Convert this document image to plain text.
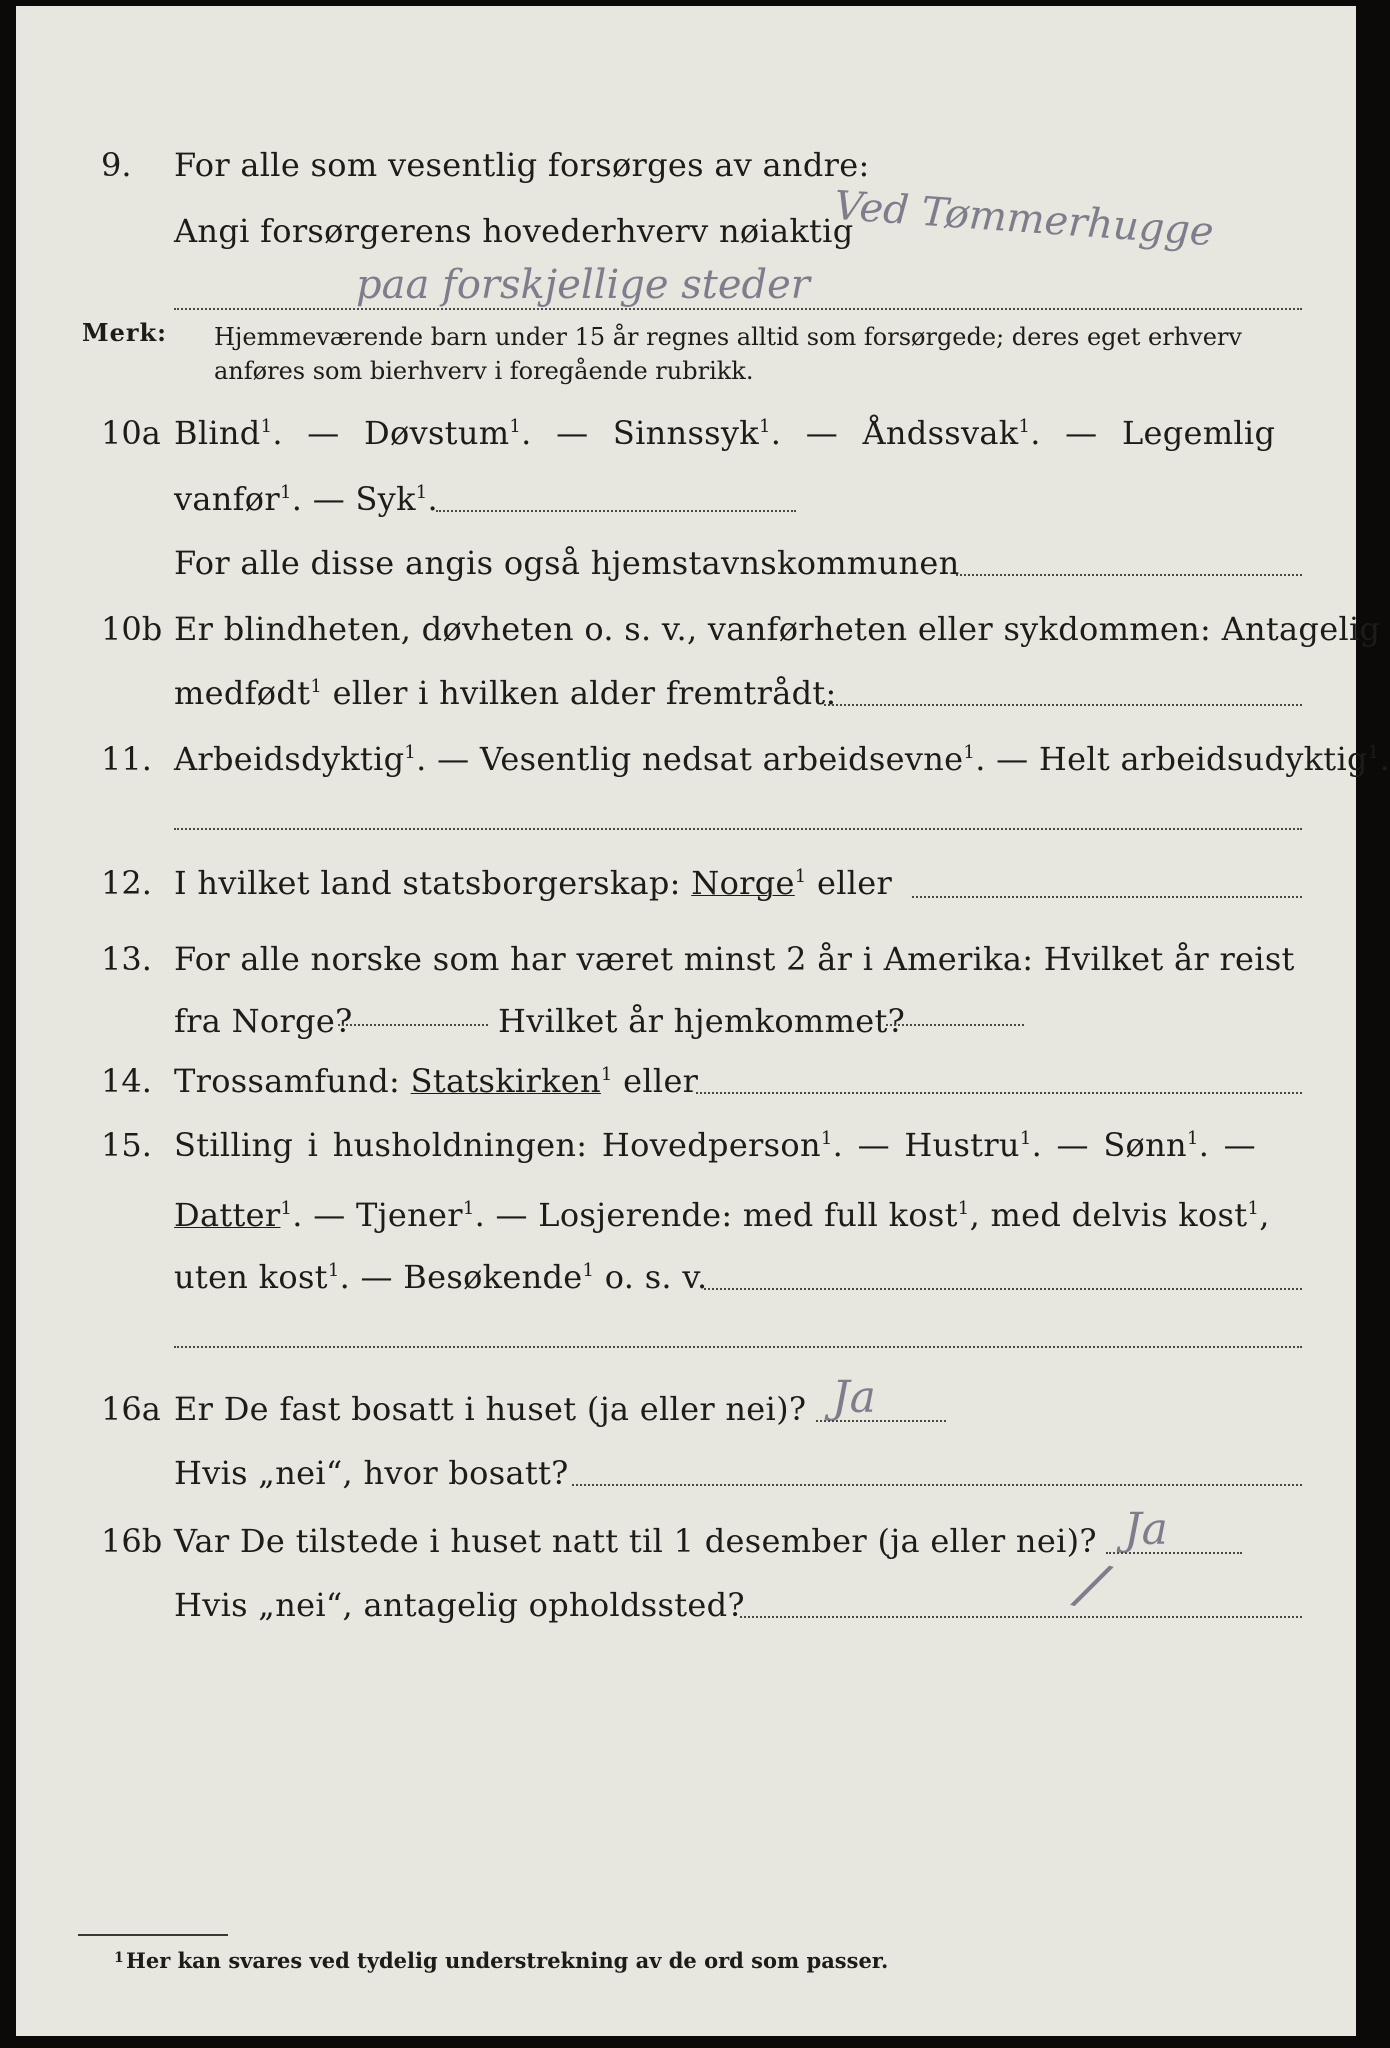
9. For alle som vesentlig forsørges av andre:
Angi forsørgerens hovederhverv nøiaktig
Ved Tømmerhugge
paa forskjellige steder
Merk: Hjemmeværende barn under 15 år regnes alltid som forsørgede; deres eget erhverv
anføres som bierhverv i foregående rubrikk.
10a Blind$^1$. — Døvstum$^1$. — Sinnssyk$^1$. — Åndssvak$^1$. — Legemlig
vanfør$^1$. — Syk$^1$.
For alle disse angis også hjemstavnskommunen
10b Er blindheten, døvheten o. s. v., vanførheten eller sykdommen: Antagelig
medfødt$^1$ eller i hvilken alder fremtrådt:
11. Arbeidsdyktig$^1$. — Vesentlig nedsat arbeidsevne$^1$. — Helt arbeidsudyktig$^1$.
12. I hvilket land statsborgerskap: Norge$^1$ eller
13. For alle norske som har været minst 2 år i Amerika: Hvilket år reist
fra Norge?	Hvilket år hjemkommet?
14. Trossamfund: Statskirken$^1$ eller
15. Stilling i husholdningen: Hovedperson$^1$. — Hustru$^1$. — Sønn$^1$. —
Datter$^1$. — Tjener$^1$. — Losjerende: med full kost$^1$, med delvis kost$^1$,
uten kost$^1$. — Besøkende$^1$ o. s. v.
16a Er De fast bosatt i huset (ja eller nei)? Ja
Hvis „nei“, hvor bosatt?
16b Var De tilstede i huset natt til 1 desember (ja eller nei)? Ja
Hvis „nei“, antagelig opholdssted?	/
1 Her kan svares ved tydelig understrekning av de ord som passer.
